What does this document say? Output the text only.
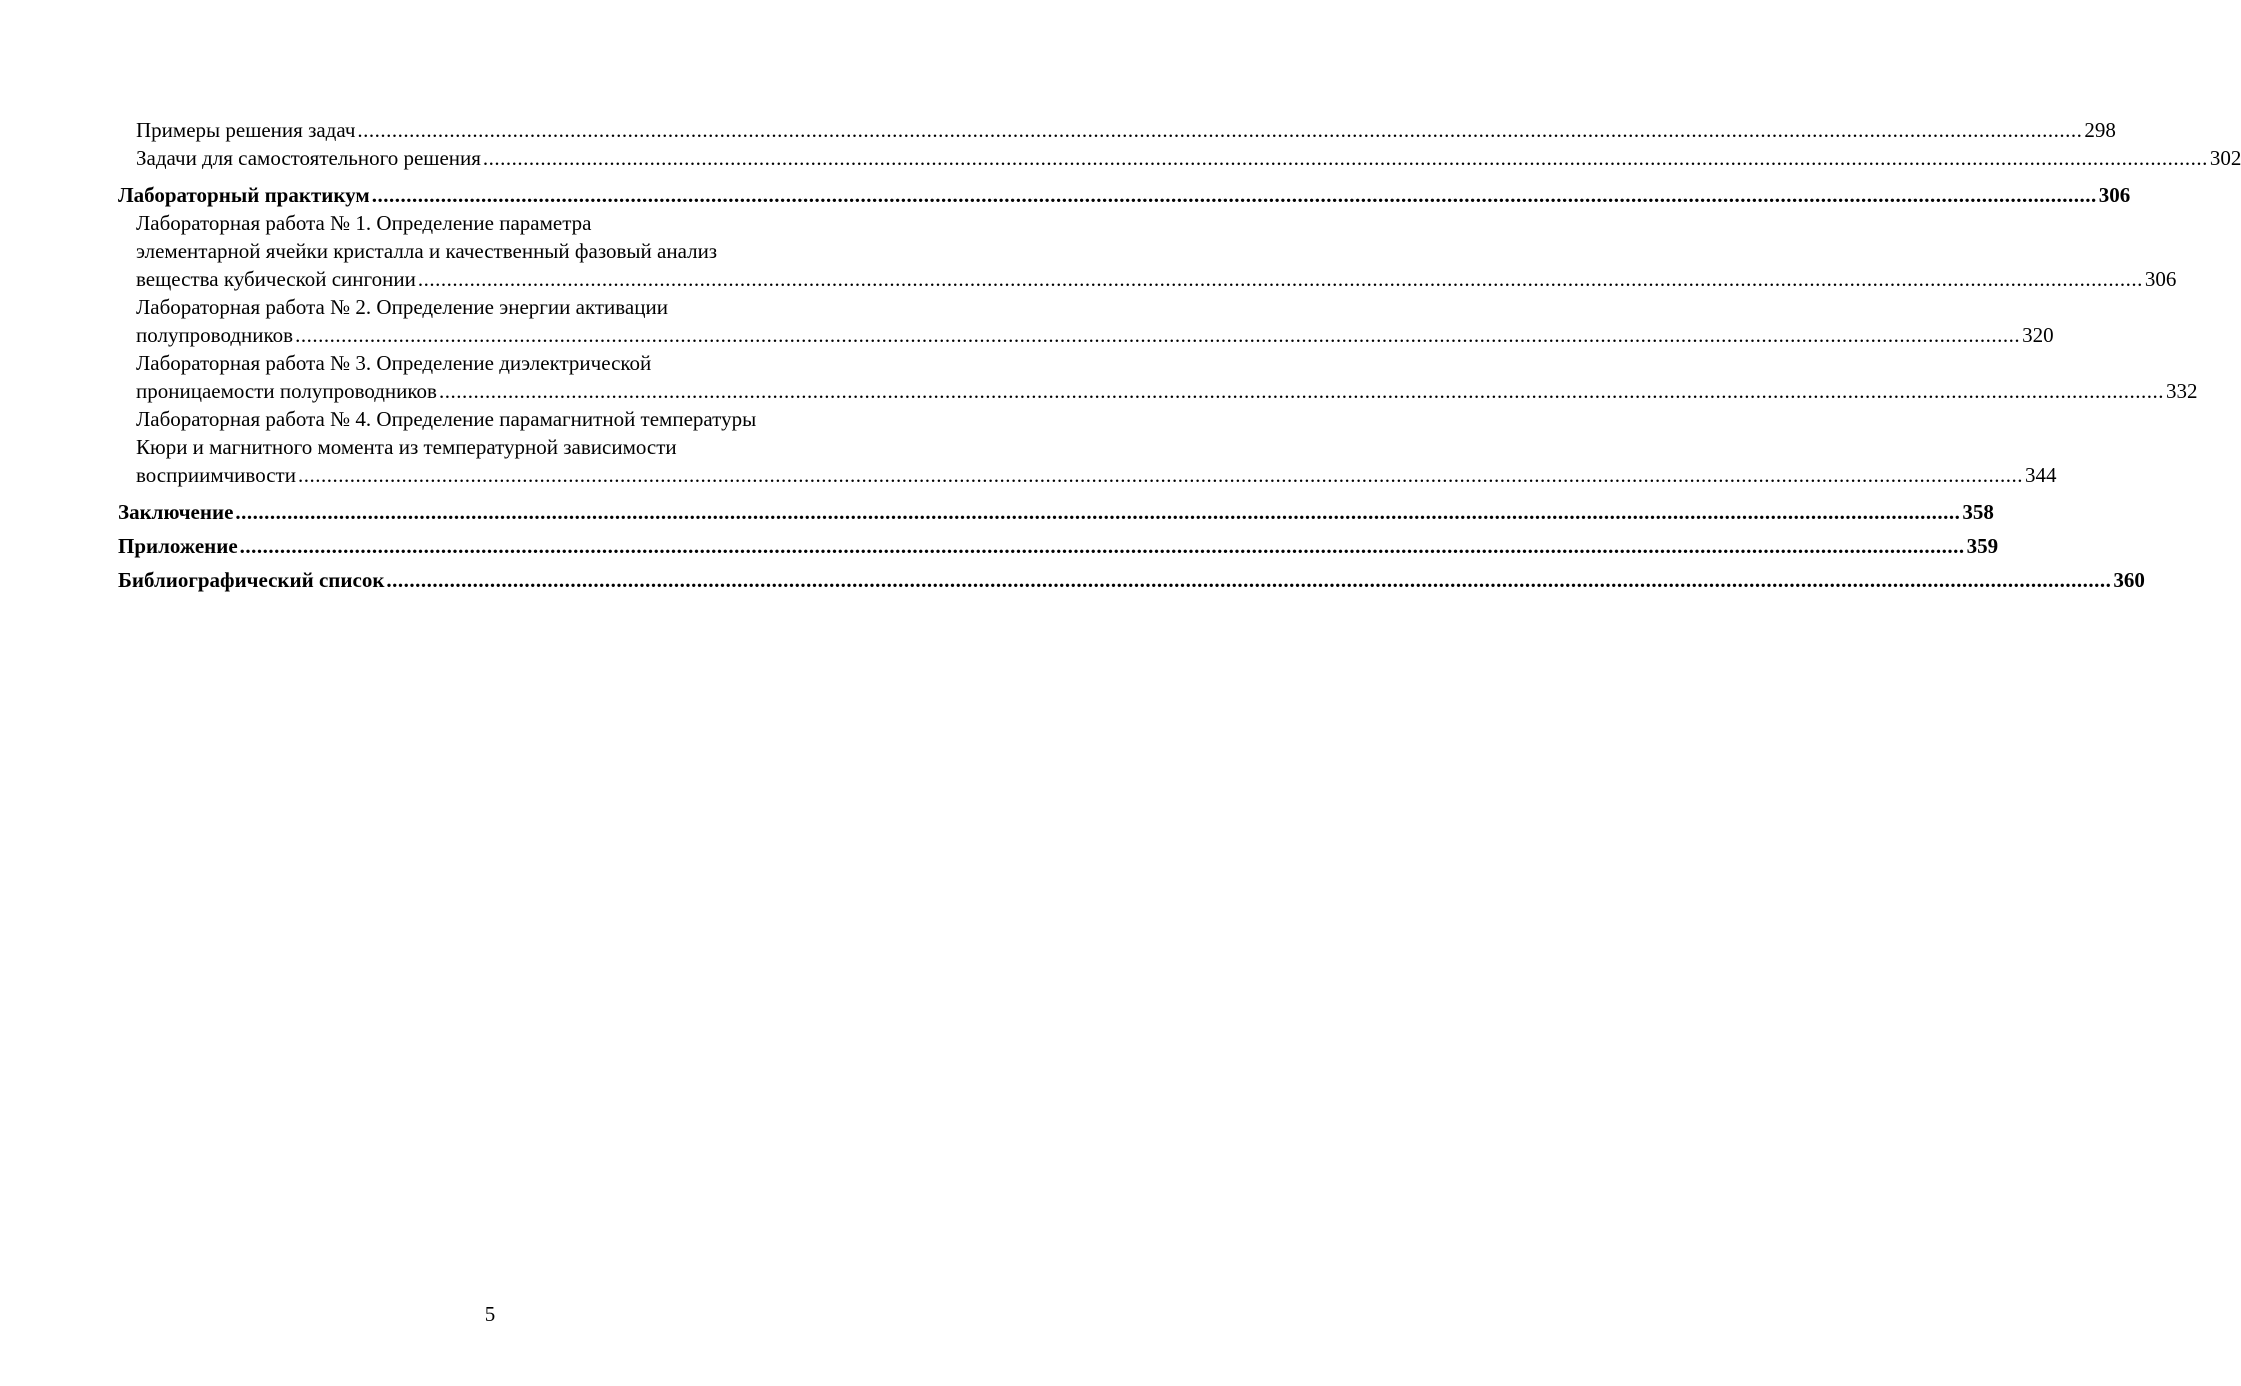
Примеры решения задач ............................................................................................................................................................................................................................................................................................................ 298
Задачи для самостоятельного решения ............................................................................................................................................................................................................................................................................................................ 302
Лабораторный практикум ............................................................................................................................................................................................................................................................................................................ 306
Лабораторная работа № 1. Определение параметра
элементарной ячейки кристалла и качественный фазовый анализ
вещества кубической сингонии ............................................................................................................................................................................................................................................................................................................ 306
Лабораторная работа № 2. Определение энергии активации
полупроводников ............................................................................................................................................................................................................................................................................................................ 320
Лабораторная работа № 3. Определение диэлектрической
проницаемости полупроводников ............................................................................................................................................................................................................................................................................................................ 332
Лабораторная работа № 4. Определение парамагнитной температуры
Кюри и магнитного момента из температурной зависимости
восприимчивости ............................................................................................................................................................................................................................................................................................................ 344
Заключение ............................................................................................................................................................................................................................................................................................................ 358
Приложение ............................................................................................................................................................................................................................................................................................................ 359
Библиографический список ............................................................................................................................................................................................................................................................................................................ 360
5
